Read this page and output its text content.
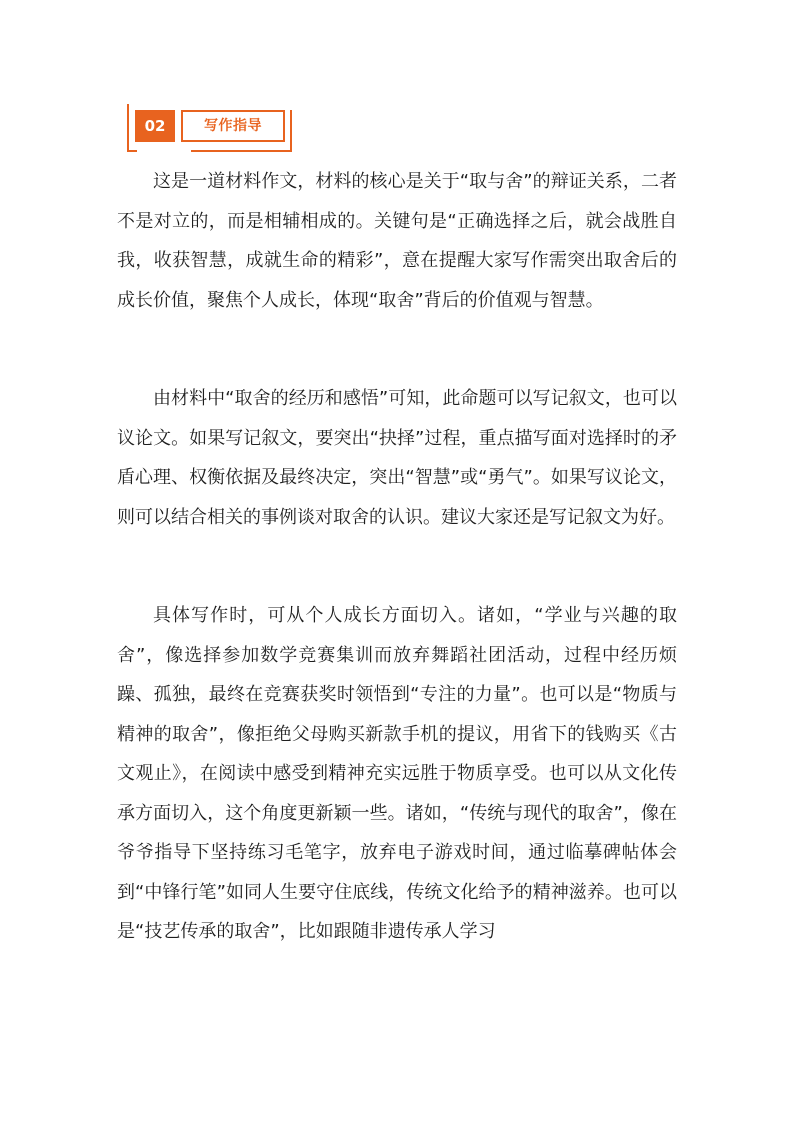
02	写作指导

这是一道材料作文，材料的核心是关于“取与舍”的辩证关系，二者不是对立的，而是相辅相成的。关键句是“正确选择之后，就会战胜自我，收获智慧，成就生命的精彩”，意在提醒大家写作需突出取舍后的成长价值，聚焦个人成长，体现“取舍”背后的价值观与智慧。

由材料中“取舍的经历和感悟”可知，此命题可以写记叙文，也可以议论文。如果写记叙文，要突出“抉择”过程，重点描写面对选择时的矛盾心理、权衡依据及最终决定，突出“智慧”或“勇气”。如果写议论文，则可以结合相关的事例谈对取舍的认识。建议大家还是写记叙文为好。

具体写作时，可从个人成长方面切入。诸如，“学业与兴趣的取舍”，像选择参加数学竞赛集训而放弃舞蹈社团活动，过程中经历烦躁、孤独，最终在竞赛获奖时领悟到“专注的力量”。也可以是“物质与精神的取舍”，像拒绝父母购买新款手机的提议，用省下的钱购买《古文观止》，在阅读中感受到精神充实远胜于物质享受。也可以从文化传承方面切入，这个角度更新颖一些。诸如，“传统与现代的取舍”，像在爷爷指导下坚持练习毛笔字，放弃电子游戏时间，通过临摹碑帖体会到“中锋行笔”如同人生要守住底线，传统文化给予的精神滋养。也可以是“技艺传承的取舍”，比如跟随非遗传承人学习
